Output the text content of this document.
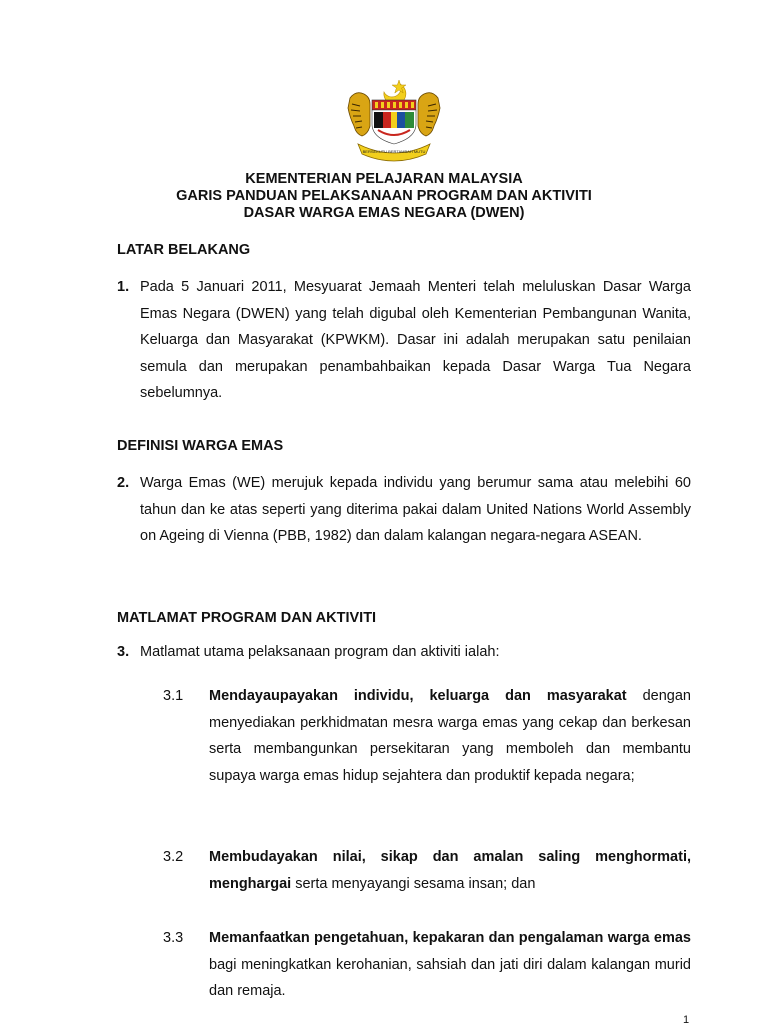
BERSEKUTU BERTAMBAH MUTU
KEMENTERIAN PELAJARAN MALAYSIA
GARIS PANDUAN PELAKSANAAN PROGRAM DAN AKTIVITI
DASAR WARGA EMAS NEGARA (DWEN)
LATAR BELAKANG
1. Pada 5 Januari 2011, Mesyuarat Jemaah Menteri telah meluluskan Dasar Warga Emas Negara (DWEN) yang telah digubal oleh Kementerian Pembangunan Wanita, Keluarga dan Masyarakat (KPWKM). Dasar ini adalah merupakan satu penilaian semula dan merupakan penambahbaikan kepada Dasar Warga Tua Negara sebelumnya.
DEFINISI WARGA EMAS
2. Warga Emas (WE) merujuk kepada individu yang berumur sama atau melebihi 60 tahun dan ke atas seperti yang diterima pakai dalam United Nations World Assembly on Ageing di Vienna (PBB, 1982) dan dalam kalangan negara-negara ASEAN.
MATLAMAT PROGRAM DAN AKTIVITI
3. Matlamat utama pelaksanaan program dan aktiviti ialah:
3.1 Mendayaupayakan individu, keluarga dan masyarakat dengan menyediakan perkhidmatan mesra warga emas yang cekap dan berkesan serta membangunkan persekitaran yang memboleh dan membantu supaya warga emas hidup sejahtera dan produktif kepada negara;
3.2 Membudayakan nilai, sikap dan amalan saling menghormati, menghargai serta menyayangi sesama insan; dan
3.3 Memanfaatkan pengetahuan, kepakaran dan pengalaman warga emas bagi meningkatkan kerohanian, sahsiah dan jati diri dalam kalangan murid dan remaja.
1
